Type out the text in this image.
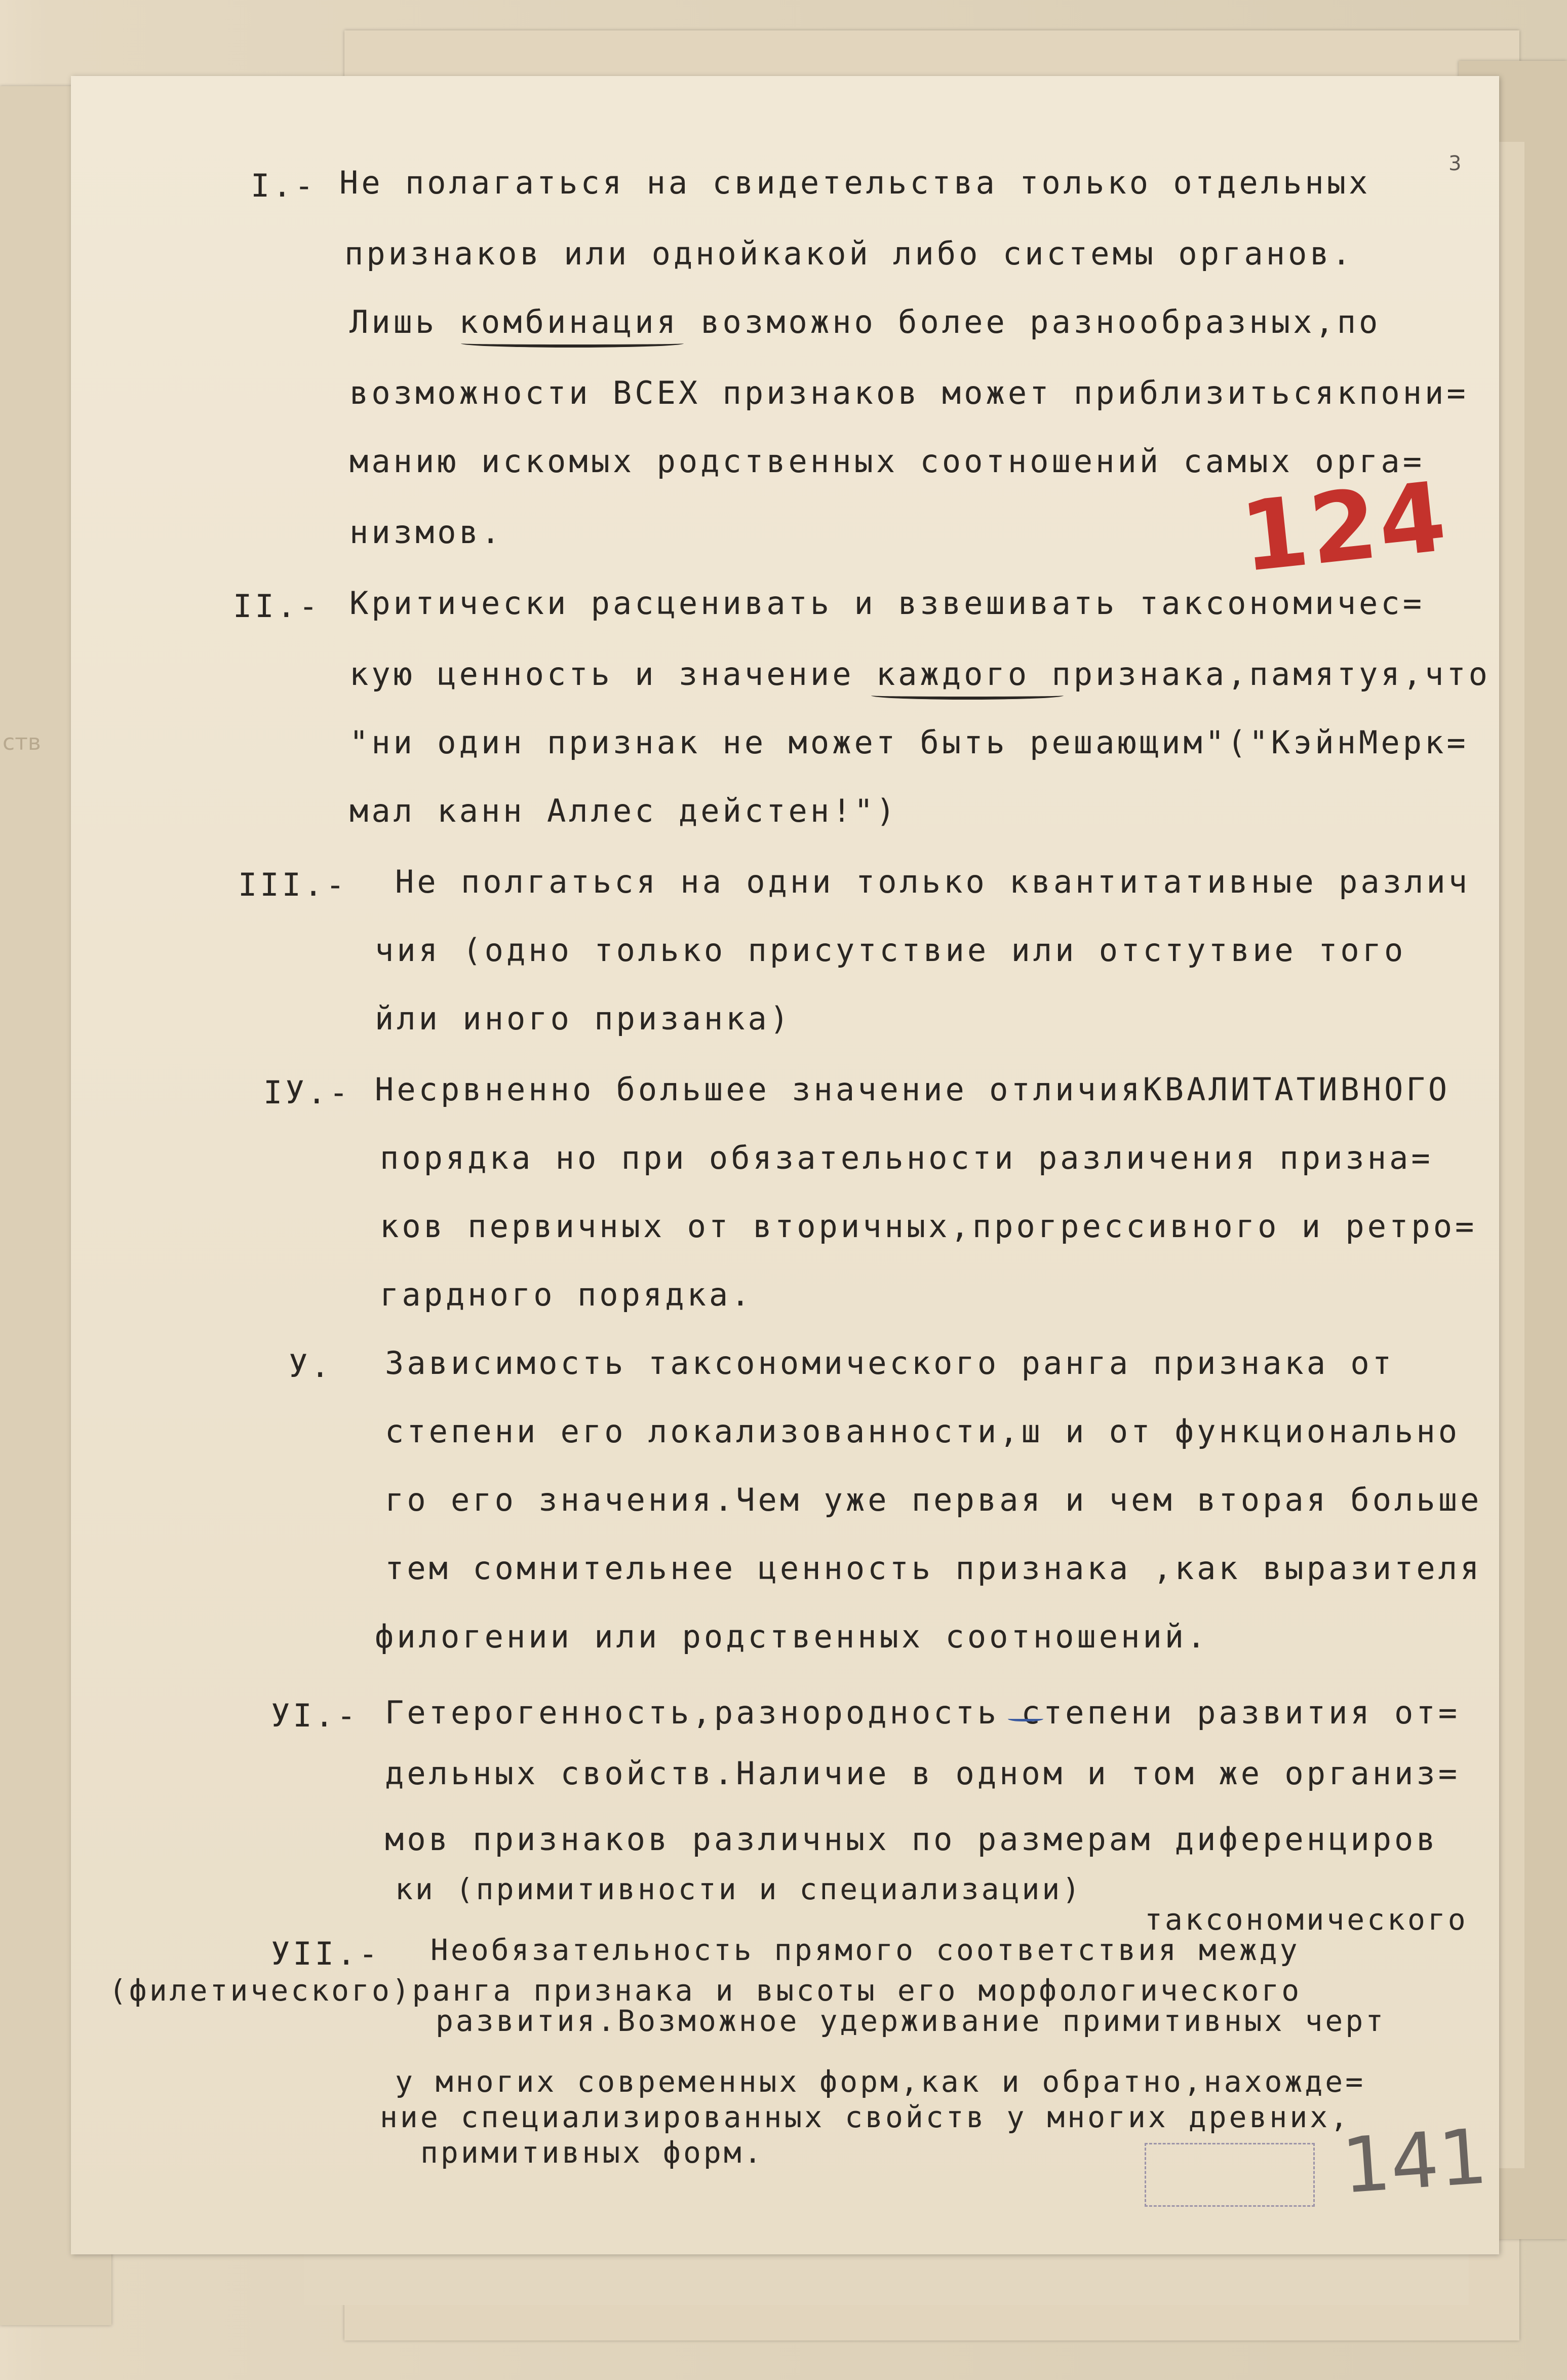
3
ств
I.- Не полагаться на свидетельства только отдельных
признаков или однойкакой либо системы органов.
Лишь комбинация возможно более разнообразных,по
возможности ВСЕХ признаков может приблизитьсякпони=
манию искомых родственных соотношений самых орга=
низмов.
II.- Критически расценивать и взвешивать таксономичес=
кую ценность и значение каждого признака,памятуя,что
"ни один признак не может быть решающим"("КэйнМерк=
мал канн Аллес дейстен!")
III.- Не полгаться на одни только квантитативные различ
чия (одно только присутствие или отстутвие того
йли иного призанка)
IУ.- Несрвненно большее значение отличияКВАЛИТАТИВНОГО
порядка но при обязательности различения призна=
ков первичных от вторичных,прогрессивного и ретро=
гардного порядка.
У. Зависимость таксономического ранга признака от
степени его локализованности,ш и от функционально
го его значения.Чем уже первая и чем вторая больше
тем сомнительнее ценность признака ,как выразителя
филогении или родственных соотношений.
УI.- Гетерогенность,разнородность степени развития от=
дельных свойств.Наличие в одном и том же организ=
мов признаков различных по размерам диференциров
ки (примитивности и специализации)
таксономического
УII.- Необязательность прямого соответствия между
(филетического)ранга признака и высоты его морфологического
развития.Возможное удерживание примитивных черт
у многих современных форм,как и обратно,нахожде=
ние специализированных свойств у многих древних,
примитивных форм.
124
141
